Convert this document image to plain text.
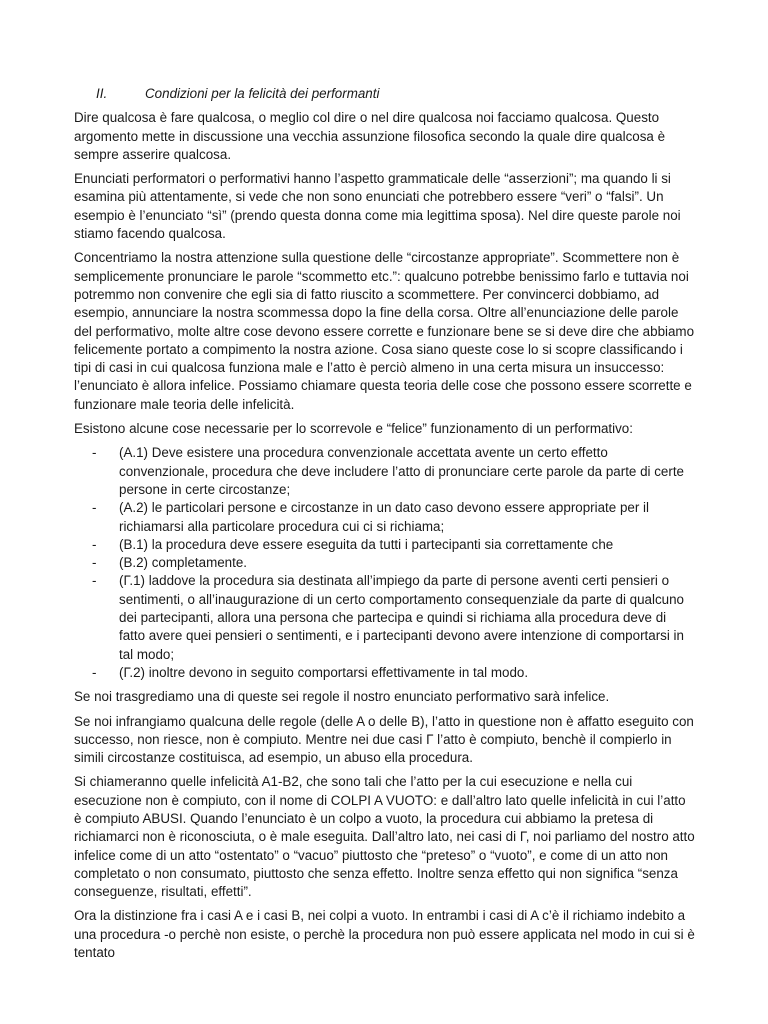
II.	Condizioni per la felicità dei performanti

Dire qualcosa è fare qualcosa, o meglio col dire o nel dire qualcosa noi facciamo qualcosa. Questo argomento mette in discussione una vecchia assunzione filosofica secondo la quale dire qualcosa è sempre asserire qualcosa.

Enunciati performatori o performativi hanno l’aspetto grammaticale delle “asserzioni”; ma quando li si esamina più attentamente, si vede che non sono enunciati che potrebbero essere “veri” o “falsi”. Un esempio è l’enunciato “sì” (prendo questa donna come mia legittima sposa). Nel dire queste parole noi stiamo facendo qualcosa.

Concentriamo la nostra attenzione sulla questione delle “circostanze appropriate”. Scommettere non è semplicemente pronunciare le parole “scommetto etc.”: qualcuno potrebbe benissimo farlo e tuttavia noi potremmo non convenire che egli sia di fatto riuscito a scommettere. Per convincerci dobbiamo, ad esempio, annunciare la nostra scommessa dopo la fine della corsa. Oltre all’enunciazione delle parole del performativo, molte altre cose devono essere corrette e funzionare bene se si deve dire che abbiamo felicemente portato a compimento la nostra azione. Cosa siano queste cose lo si scopre classificando i tipi di casi in cui qualcosa funziona male e l’atto è perciò almeno in una certa misura un insuccesso: l’enunciato è allora infelice. Possiamo chiamare questa teoria delle cose che possono essere scorrette e funzionare male teoria delle infelicità.

Esistono alcune cose necessarie per lo scorrevole e “felice” funzionamento di un performativo:

-	(A.1) Deve esistere una procedura convenzionale accettata avente un certo effetto convenzionale, procedura che deve includere l’atto di pronunciare certe parole da parte di certe persone in certe circostanze;
-	(A.2) le particolari persone e circostanze in un dato caso devono essere appropriate per il richiamarsi alla particolare procedura cui ci si richiama;
-	(B.1) la procedura deve essere eseguita da tutti i partecipanti sia correttamente che
-	(B.2) completamente.
-	(Γ.1) laddove la procedura sia destinata all’impiego da parte di persone aventi certi pensieri o sentimenti, o all’inaugurazione di un certo comportamento consequenziale da parte di qualcuno dei partecipanti, allora una persona che partecipa e quindi si richiama alla procedura deve di fatto avere quei pensieri o sentimenti, e i partecipanti devono avere intenzione di comportarsi in tal modo;
-	(Γ.2) inoltre devono in seguito comportarsi effettivamente in tal modo.

Se noi trasgrediamo una di queste sei regole il nostro enunciato performativo sarà infelice.

Se noi infrangiamo qualcuna delle regole (delle A o delle B), l’atto in questione non è affatto eseguito con successo, non riesce, non è compiuto. Mentre nei due casi Γ l’atto è compiuto, benchè il compierlo in simili circostanze costituisca, ad esempio, un abuso ella procedura.

Si chiameranno quelle infelicità A1-B2, che sono tali che l’atto per la cui esecuzione e nella cui esecuzione non è compiuto, con il nome di COLPI A VUOTO: e dall’altro lato quelle infelicità in cui l’atto è compiuto ABUSI. Quando l’enunciato è un colpo a vuoto, la procedura cui abbiamo la pretesa di richiamarci non è riconosciuta, o è male eseguita. Dall’altro lato, nei casi di Γ, noi parliamo del nostro atto infelice come di un atto “ostentato” o “vacuo” piuttosto che “preteso” o “vuoto”, e come di un atto non completato o non consumato, piuttosto che senza effetto. Inoltre senza effetto qui non significa “senza conseguenze, risultati, effetti”.

Ora la distinzione fra i casi A e i casi B, nei colpi a vuoto. In entrambi i casi di A c’è il richiamo indebito a una procedura -o perchè non esiste, o perchè la procedura non può essere applicata nel modo in cui si è tentato
